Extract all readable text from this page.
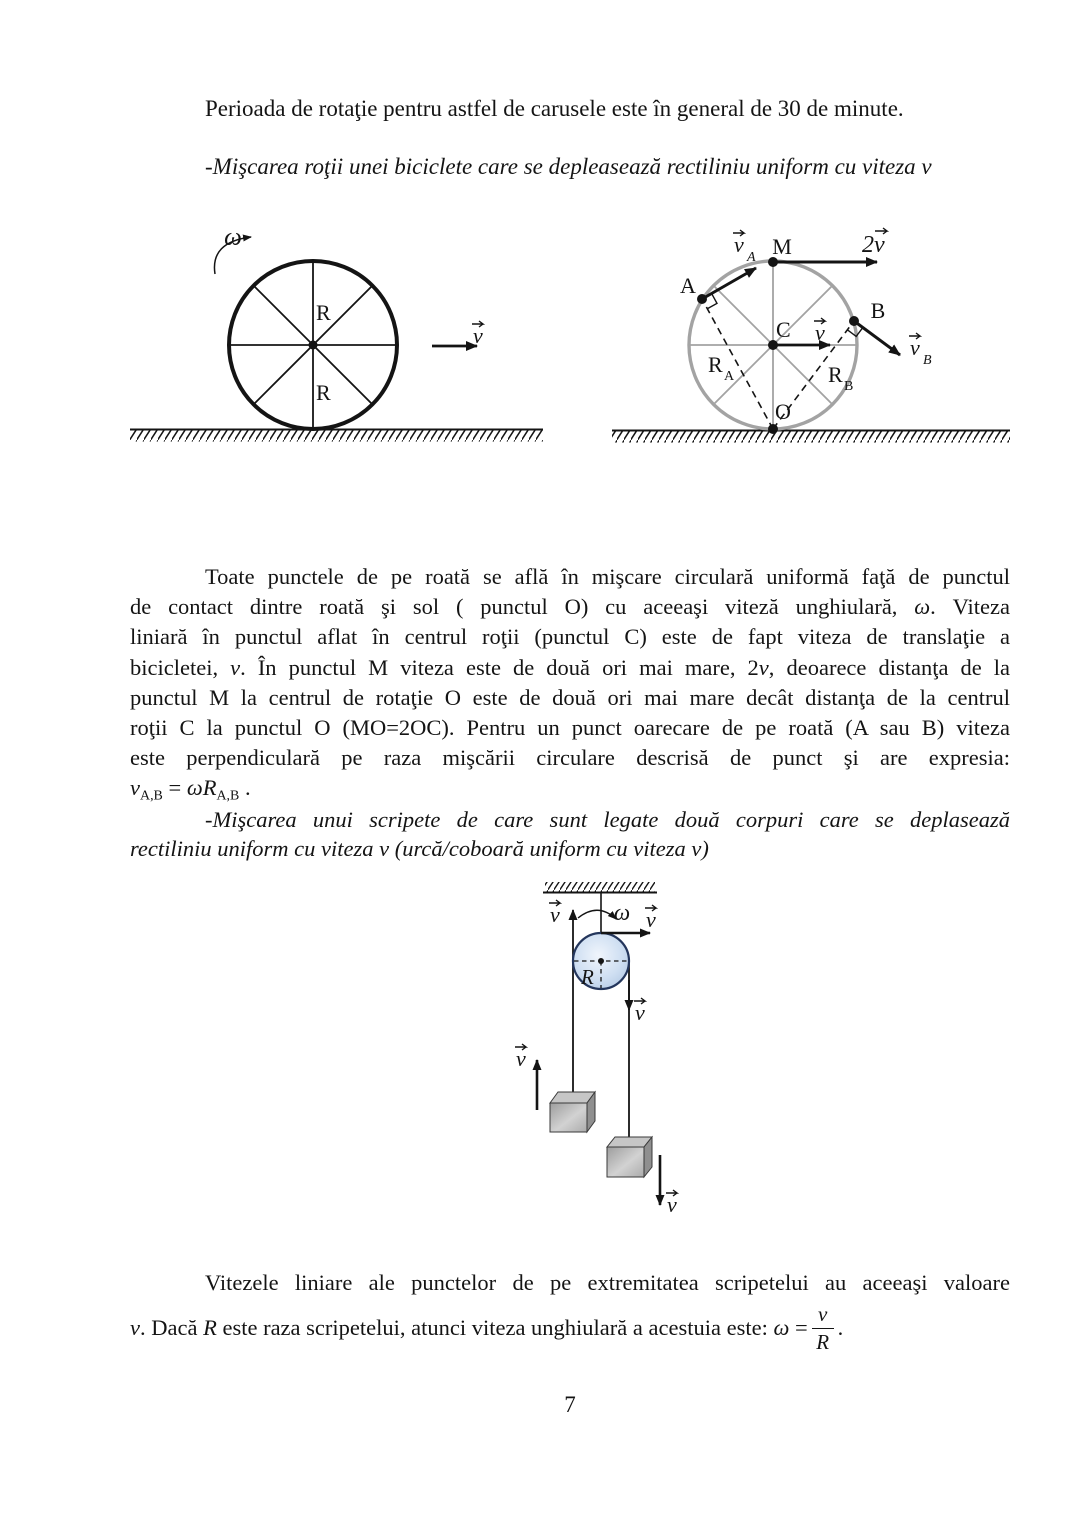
Perioada de rotaţie pentru astfel de carusele este în general de 30 de minute.
-Mişcarea roţii unei biciclete care se depleasează rectiliniu uniform cu viteza v
ω
R
R
v
A
M
B
C
O
2v
v
A
v
v
B
R A	R B
Toate punctele de pe roată se află în mişcare circulară uniformă faţă de punctul
de contact dintre roată şi sol ( punctul O) cu aceeaşi viteză unghiulară, ω. Viteza
liniară în punctul aflat în centrul roţii (punctul C) este de fapt viteza de translaţie a
bicicletei, v. În punctul M viteza este de două ori mai mare, 2v, deoarece distanţa de la
punctul M la centrul de rotaţie O este de două ori mai mare decât distanţa de la centrul
roţii C la punctul O (MO=2OC). Pentru un punct oarecare de pe roată (A sau B) viteza
este perpendiculară pe raza mişcării circulare descrisă de punct şi are expresia:
$v_{A,B} = \omega R_{A,B}$ .
-Mişcarea unui scripete de care sunt legate două corpuri care se deplasează
rectiliniu uniform cu viteza v (urcă/coboară uniform cu viteza v)
R
ω v
v
v
v
v
Vitezele liniare ale punctelor de pe extremitatea scripetelui au aceeaşi valoare
v. Dacă R este raza scripetelui, atunci viteza unghiulară a acestuia este: $\omega = \frac{v}{R}$ .
7
